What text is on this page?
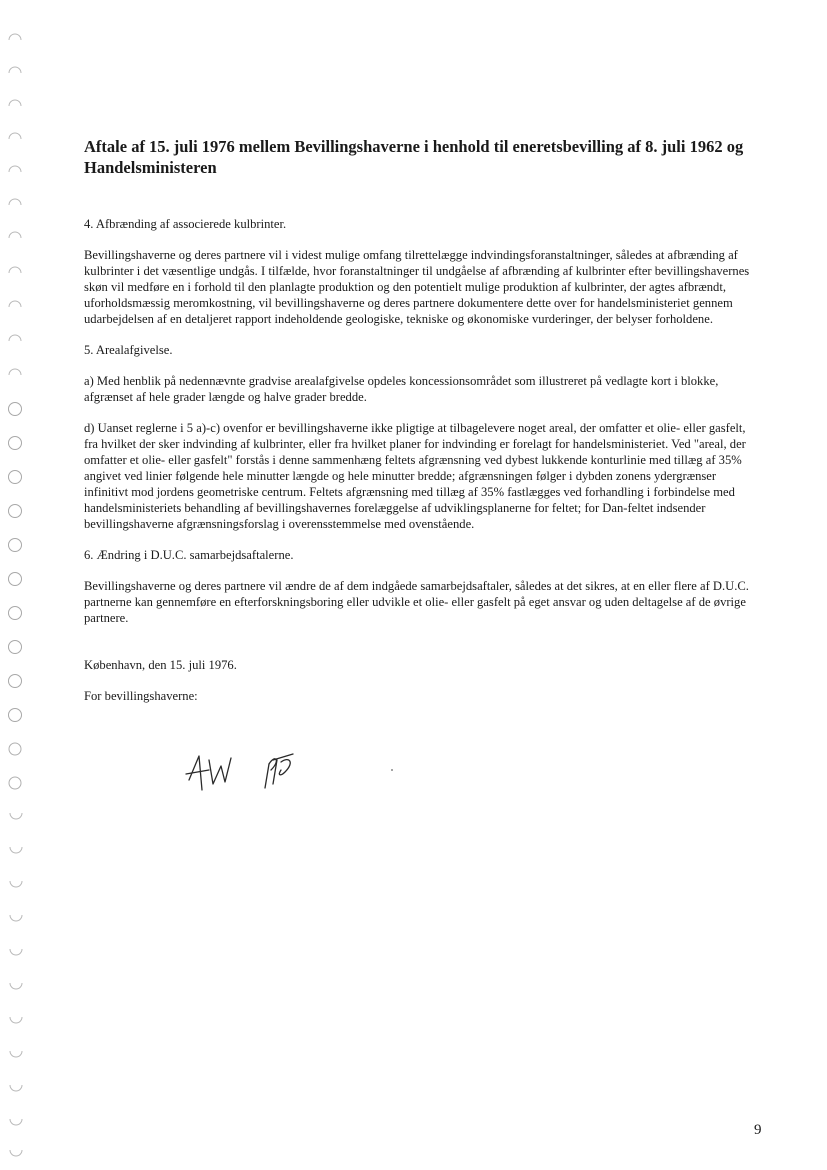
Aftale af 15. juli 1976 mellem Bevillingshaverne i henhold til eneretsbevilling af 8. juli 1962 og Handelsministeren
4. Afbrænding af associerede kulbrinter.
Bevillingshaverne og deres partnere vil i videst mulige omfang tilrettelægge indvindingsforanstaltninger, således at afbrænding af kulbrinter i det væsentlige undgås. I tilfælde, hvor foranstaltninger til undgåelse af afbrænding af kulbrinter efter bevillingshavernes skøn vil medføre en i forhold til den planlagte produktion og den potentielt mulige produktion af kulbrinter, der agtes afbrændt, uforholdsmæssig meromkostning, vil bevillingshaverne og deres partnere dokumentere dette over for handelsministeriet gennem udarbejdelsen af en detaljeret rapport indeholdende geologiske, tekniske og økonomiske vurderinger, der belyser forholdene.
5. Arealafgivelse.
a) Med henblik på nedennævnte gradvise arealafgivelse opdeles koncessionsområdet som illustreret på vedlagte kort i blokke, afgrænset af hele grader længde og halve grader bredde.
d) Uanset reglerne i 5 a)-c) ovenfor er bevillingshaverne ikke pligtige at tilbagelevere noget areal, der omfatter et olie- eller gasfelt, fra hvilket der sker indvinding af kulbrinter, eller fra hvilket planer for indvinding er forelagt for handelsministeriet. Ved "areal, der omfatter et olie- eller gasfelt" forstås i denne sammenhæng feltets afgrænsning ved dybest lukkende konturlinie med tillæg af 35% angivet ved linier følgende hele minutter længde og hele minutter bredde; afgrænsningen følger i dybden zonens ydergrænser infinitivt mod jordens geometriske centrum. Feltets afgrænsning med tillæg af 35% fastlægges ved forhandling i forbindelse med handelsministeriets behandling af bevillingshavernes forelæggelse af udviklingsplanerne for feltet; for Dan-feltet indsender bevillingshaverne afgrænsningsforslag i overensstemmelse med ovenstående.
6. Ændring i D.U.C. samarbejdsaftalerne.
Bevillingshaverne og deres partnere vil ændre de af dem indgåede samarbejdsaftaler, således at det sikres, at en eller flere af D.U.C. partnerne kan gennemføre en efterforskningsboring eller udvikle et olie- eller gasfelt på eget ansvar og uden deltagelse af de øvrige partnere.
København, den 15. juli 1976.
For bevillingshaverne:
9
